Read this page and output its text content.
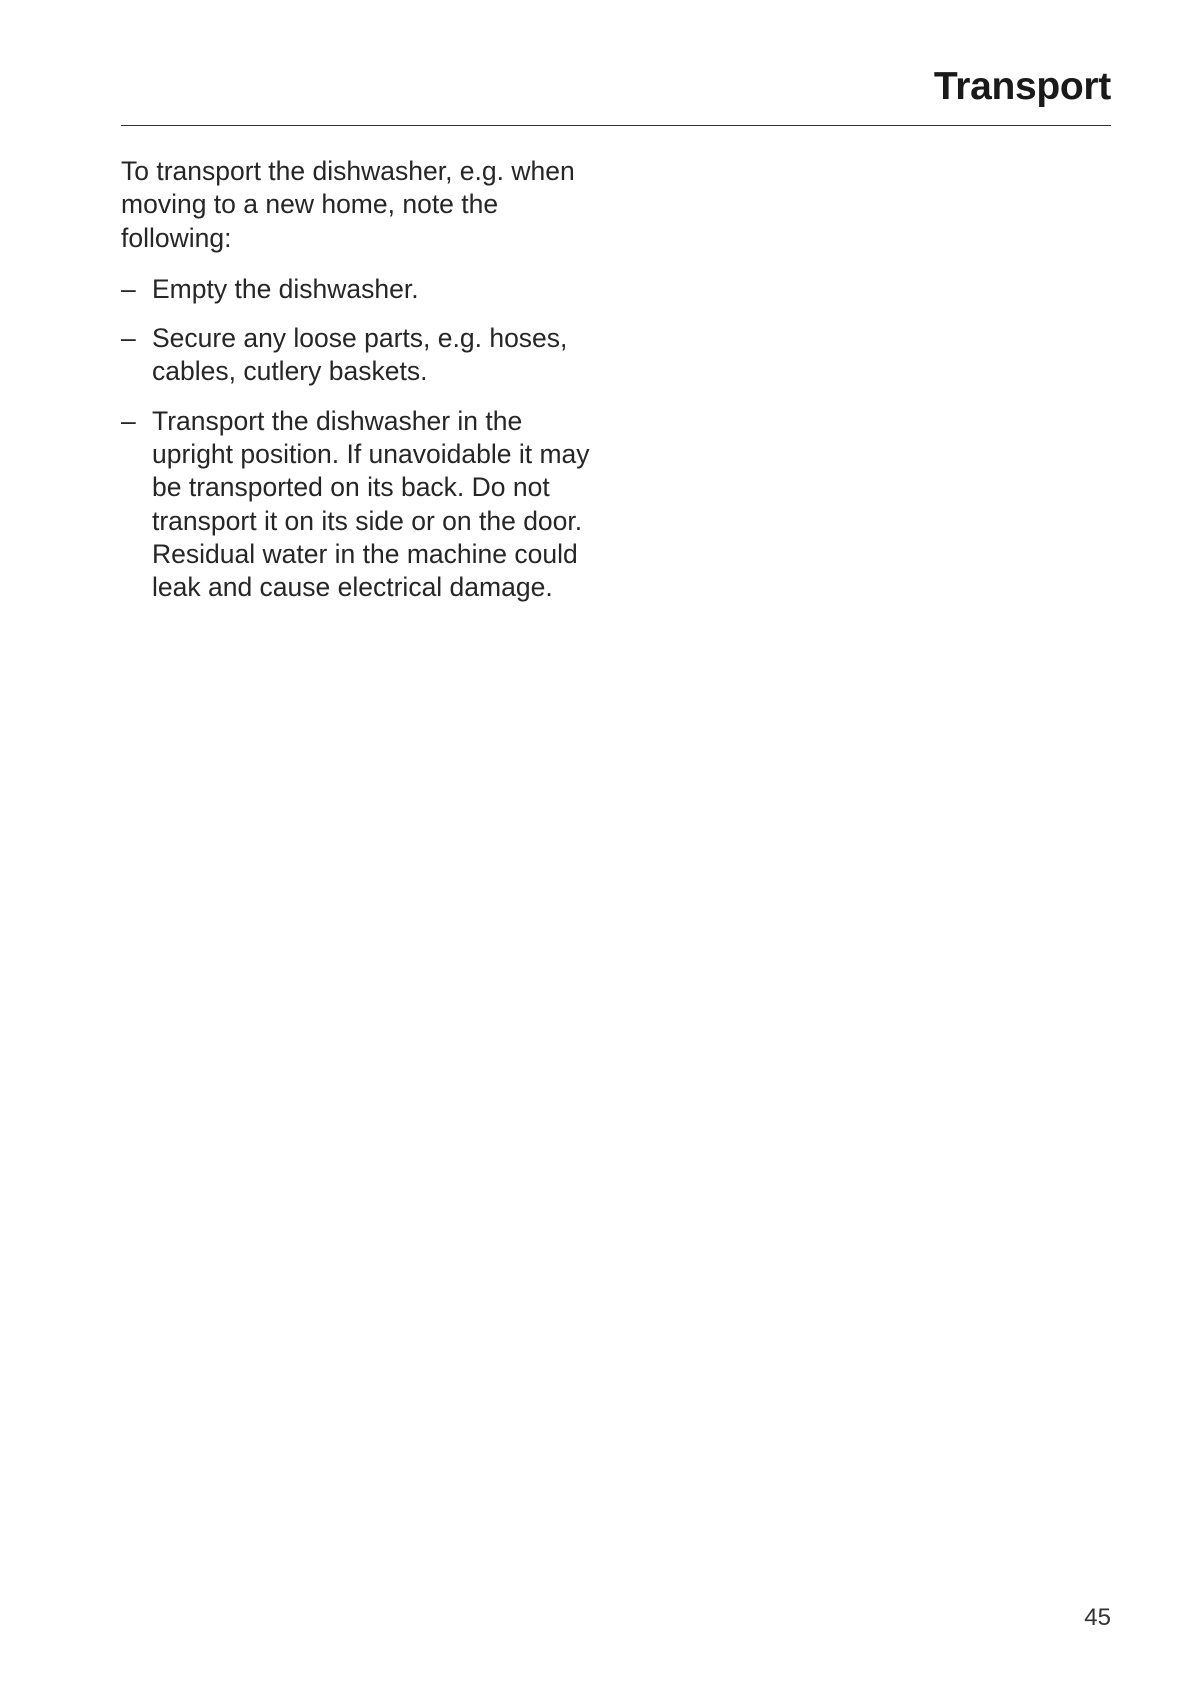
Transport

To transport the dishwasher, e.g. when moving to a new home, note the following:

– Empty the dishwasher.
– Secure any loose parts, e.g. hoses, cables, cutlery baskets.
– Transport the dishwasher in the upright position. If unavoidable it may be transported on its back. Do not transport it on its side or on the door. Residual water in the machine could leak and cause electrical damage.
45
